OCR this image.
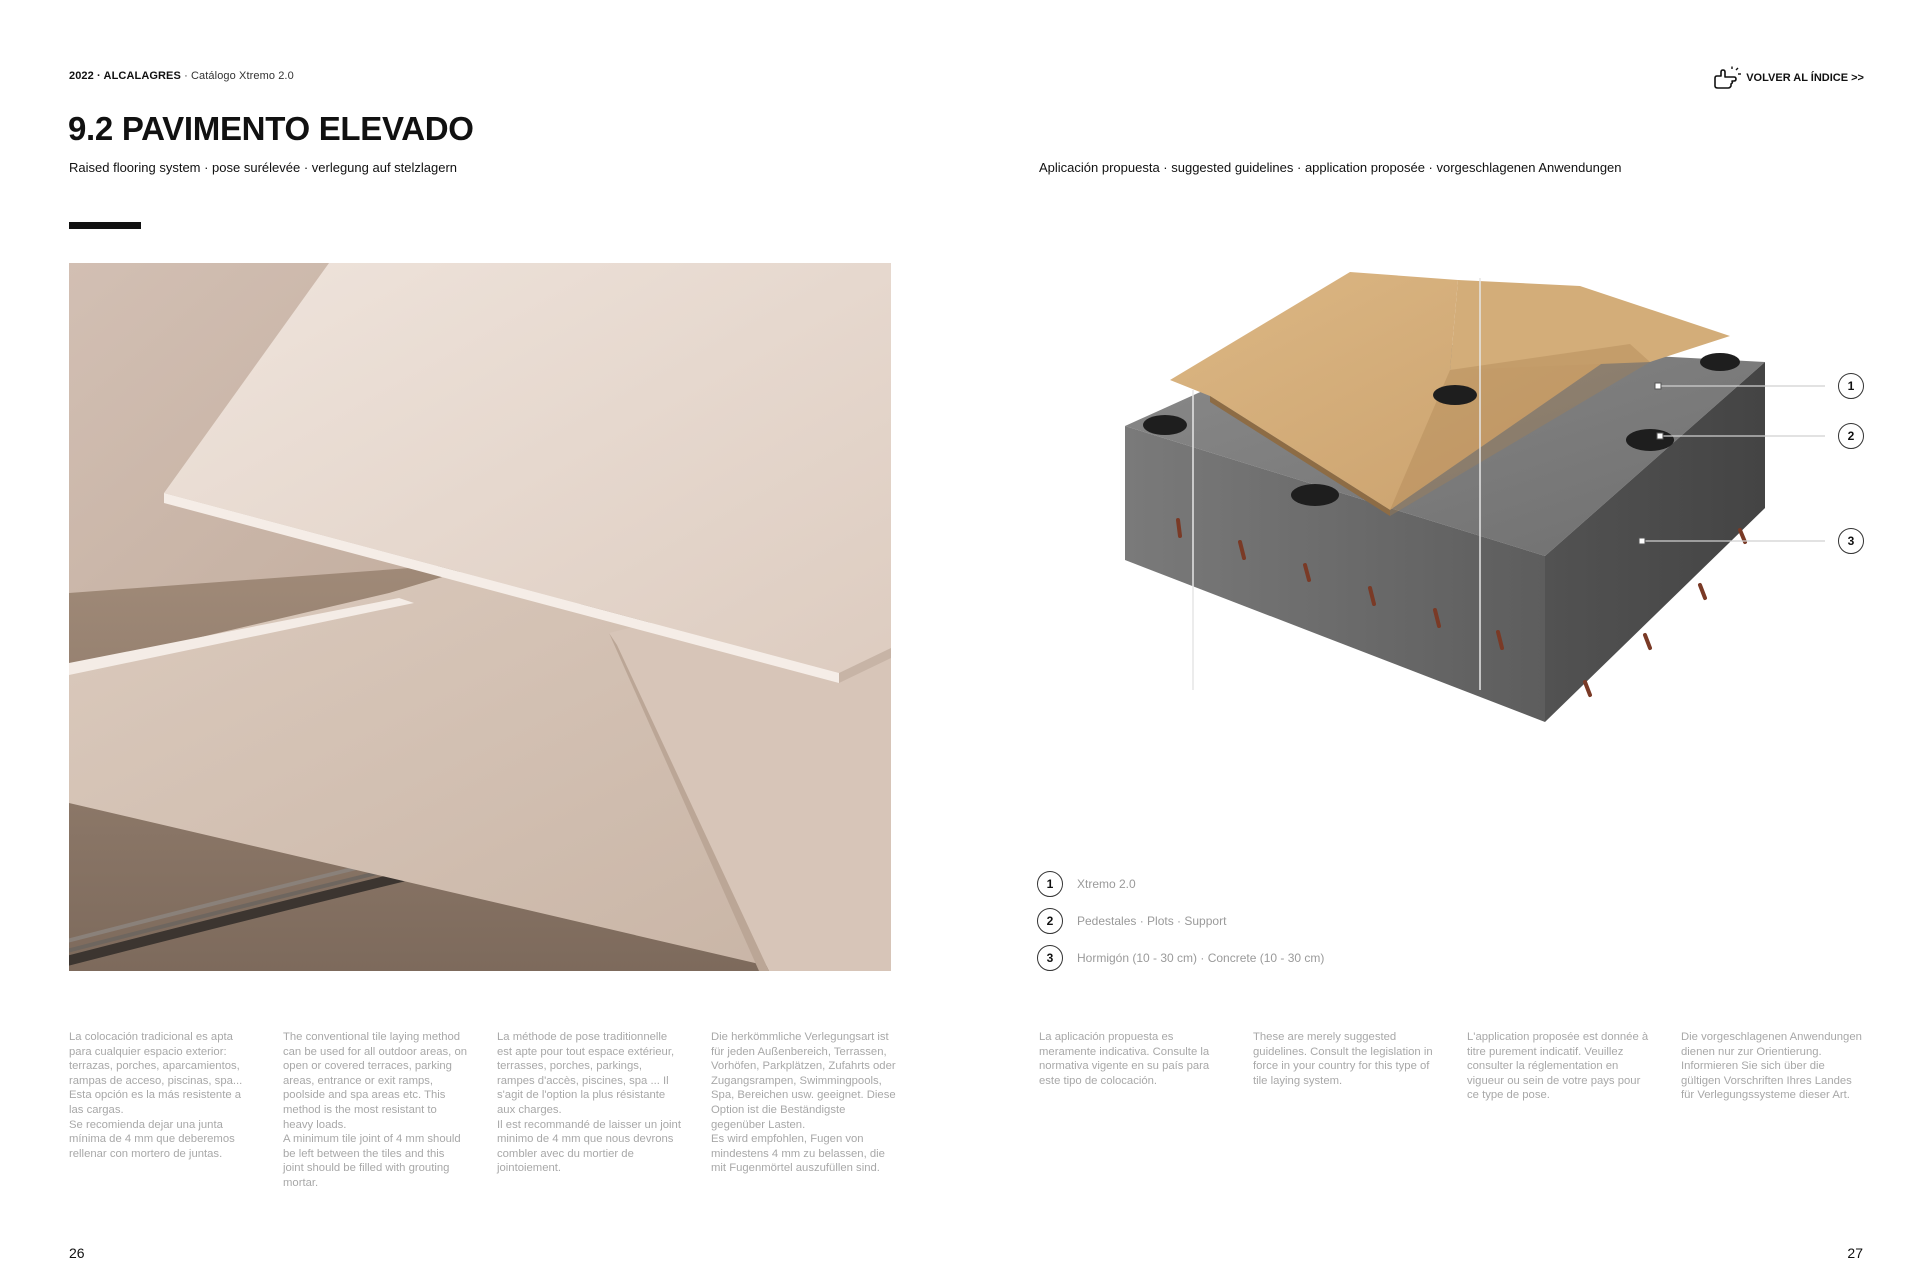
2022 · ALCALAGRES · Catálogo Xtremo 2.0	VOLVER AL ÍNDICE >>
9.2 PAVIMENTO ELEVADO
Raised flooring system · pose surélevée · verlegung auf stelzlagern	Aplicación propuesta · suggested guidelines · application proposée · vorgeschlagenen Anwendungen
1
2
3
1	Xtremo 2.0
2	Pedestales · Plots · Support
3	Hormigón (10 - 30 cm) · Concrete (10 - 30 cm)
La colocación tradicional es apta para cualquier espacio exterior: terrazas, porches, aparcamientos, rampas de acceso, piscinas, spa... Esta opción es la más resistente a las cargas.
Se recomienda dejar una junta mínima de 4 mm que deberemos rellenar con mortero de juntas.
The conventional tile laying method can be used for all outdoor areas, on open or covered terraces, parking areas, entrance or exit ramps, poolside and spa areas etc. This method is the most resistant to heavy loads.
A minimum tile joint of 4 mm should be left between the tiles and this joint should be filled with grouting mortar.
La méthode de pose traditionnelle est apte pour tout espace extérieur, terrasses, porches, parkings, rampes d'accès, piscines, spa ... Il s'agit de l'option la plus résistante aux charges.
Il est recommandé de laisser un joint minimo de 4 mm que nous devrons combler avec du mortier de jointoiement.
Die herkömmliche Verlegungsart ist für jeden Außenbereich, Terrassen, Vorhöfen, Parkplätzen, Zufahrts oder Zugangsrampen, Swimmingpools, Spa, Bereichen usw. geeignet. Diese Option ist die Beständigste gegenüber Lasten.
Es wird empfohlen, Fugen von mindestens 4 mm zu belassen, die mit Fugenmörtel auszufüllen sind.
La aplicación propuesta es meramente indicativa. Consulte la normativa vigente en su país para este tipo de colocación.
These are merely suggested guidelines. Consult the legislation in force in your country for this type of tile laying system.
L'application proposée est donnée à titre purement indicatif. Veuillez consulter la réglementation en vigueur ou sein de votre pays pour ce type de pose.
Die vorgeschlagenen Anwendungen dienen nur zur Orientierung. Informieren Sie sich über die gültigen Vorschriften Ihres Landes für Verlegungssysteme dieser Art.
26	27
